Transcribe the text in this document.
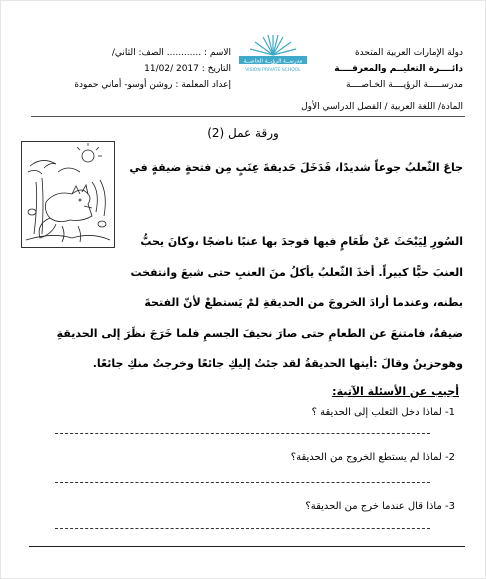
دولة الإمارات العربية المتحدة
دائــــرة التعليــم والمعرفــــة
مدرســـــة الرؤيــــة الخـاصــــة
مدرســة الرؤيــة الخاصــة
VISION PRIVATE SCHOOL
الاسم : ............ الصف: الثاني/
التاريخ : 2017 /11/02
إعداد المعلمة : روشن أوسو- أماني حمودة
المادة/ اللغة العربية / الفصل الدراسي الأول
ورقة عمل (2)
جاعَ الثّعلبُ جوعاً شديدًا، فَدَخَلَ حَديقةَ عِنَبٍ مِن فتحةٍ ضيقةٍ في
السُورِ لِيَبْحَثَ عَنْ طَعَامٍ فيها فوجدَ بها عنبًا ناضجًا ،وكانَ يحبُّ
العنبَ حبًّا كبيراً. أخذَ الثّعلبُ يأكلُ منَ العنبِ حتى شبعَ وانتفخت
بطنه، وعندما أرادَ الخروجَ من الحديقةِ لمْ يَستطعْ لأنّ الفتحةَ
ضيقةٌ، فامتنعَ عن الطعامِ حتى صارَ نحيفَ الجسمِ فلما خَرَجَ نظَرَ إلى الحديقةِ
وهوحزينٌ وقالَ :أيتها الحديقةُ لقد جئتُ إليكِ جائعًا وخرجتُ منكِ جائعًا.
أجيب عن الأسئلة الآتية:
1- لماذا دخل الثعلب إلى الحديقة ؟
2- لماذا لم يستطع الخروج من الحديقة؟
3- ماذا قال عندما خرج من الحديقة؟
